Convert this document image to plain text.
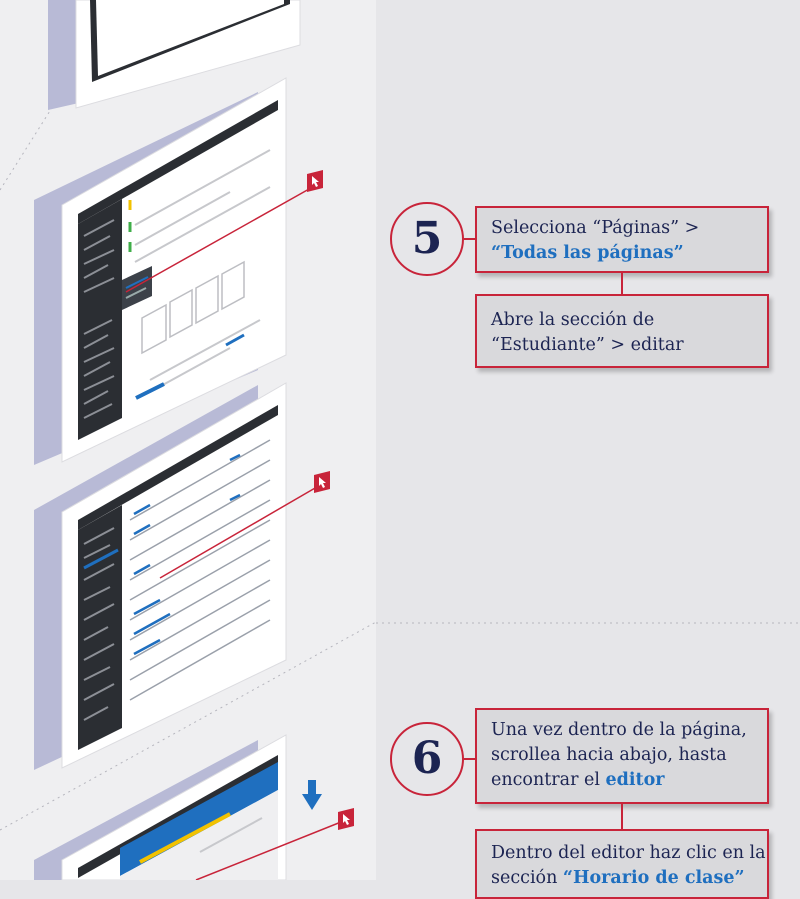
5	Selecciona “Páginas” >
“Todas las páginas”
Abre la sección de
“Estudiante” > editar
6
Una vez dentro de la página,
scrollea hacia abajo, hasta
encontrar el editor
Dentro del editor haz clic en la
sección “Horario de clase”
